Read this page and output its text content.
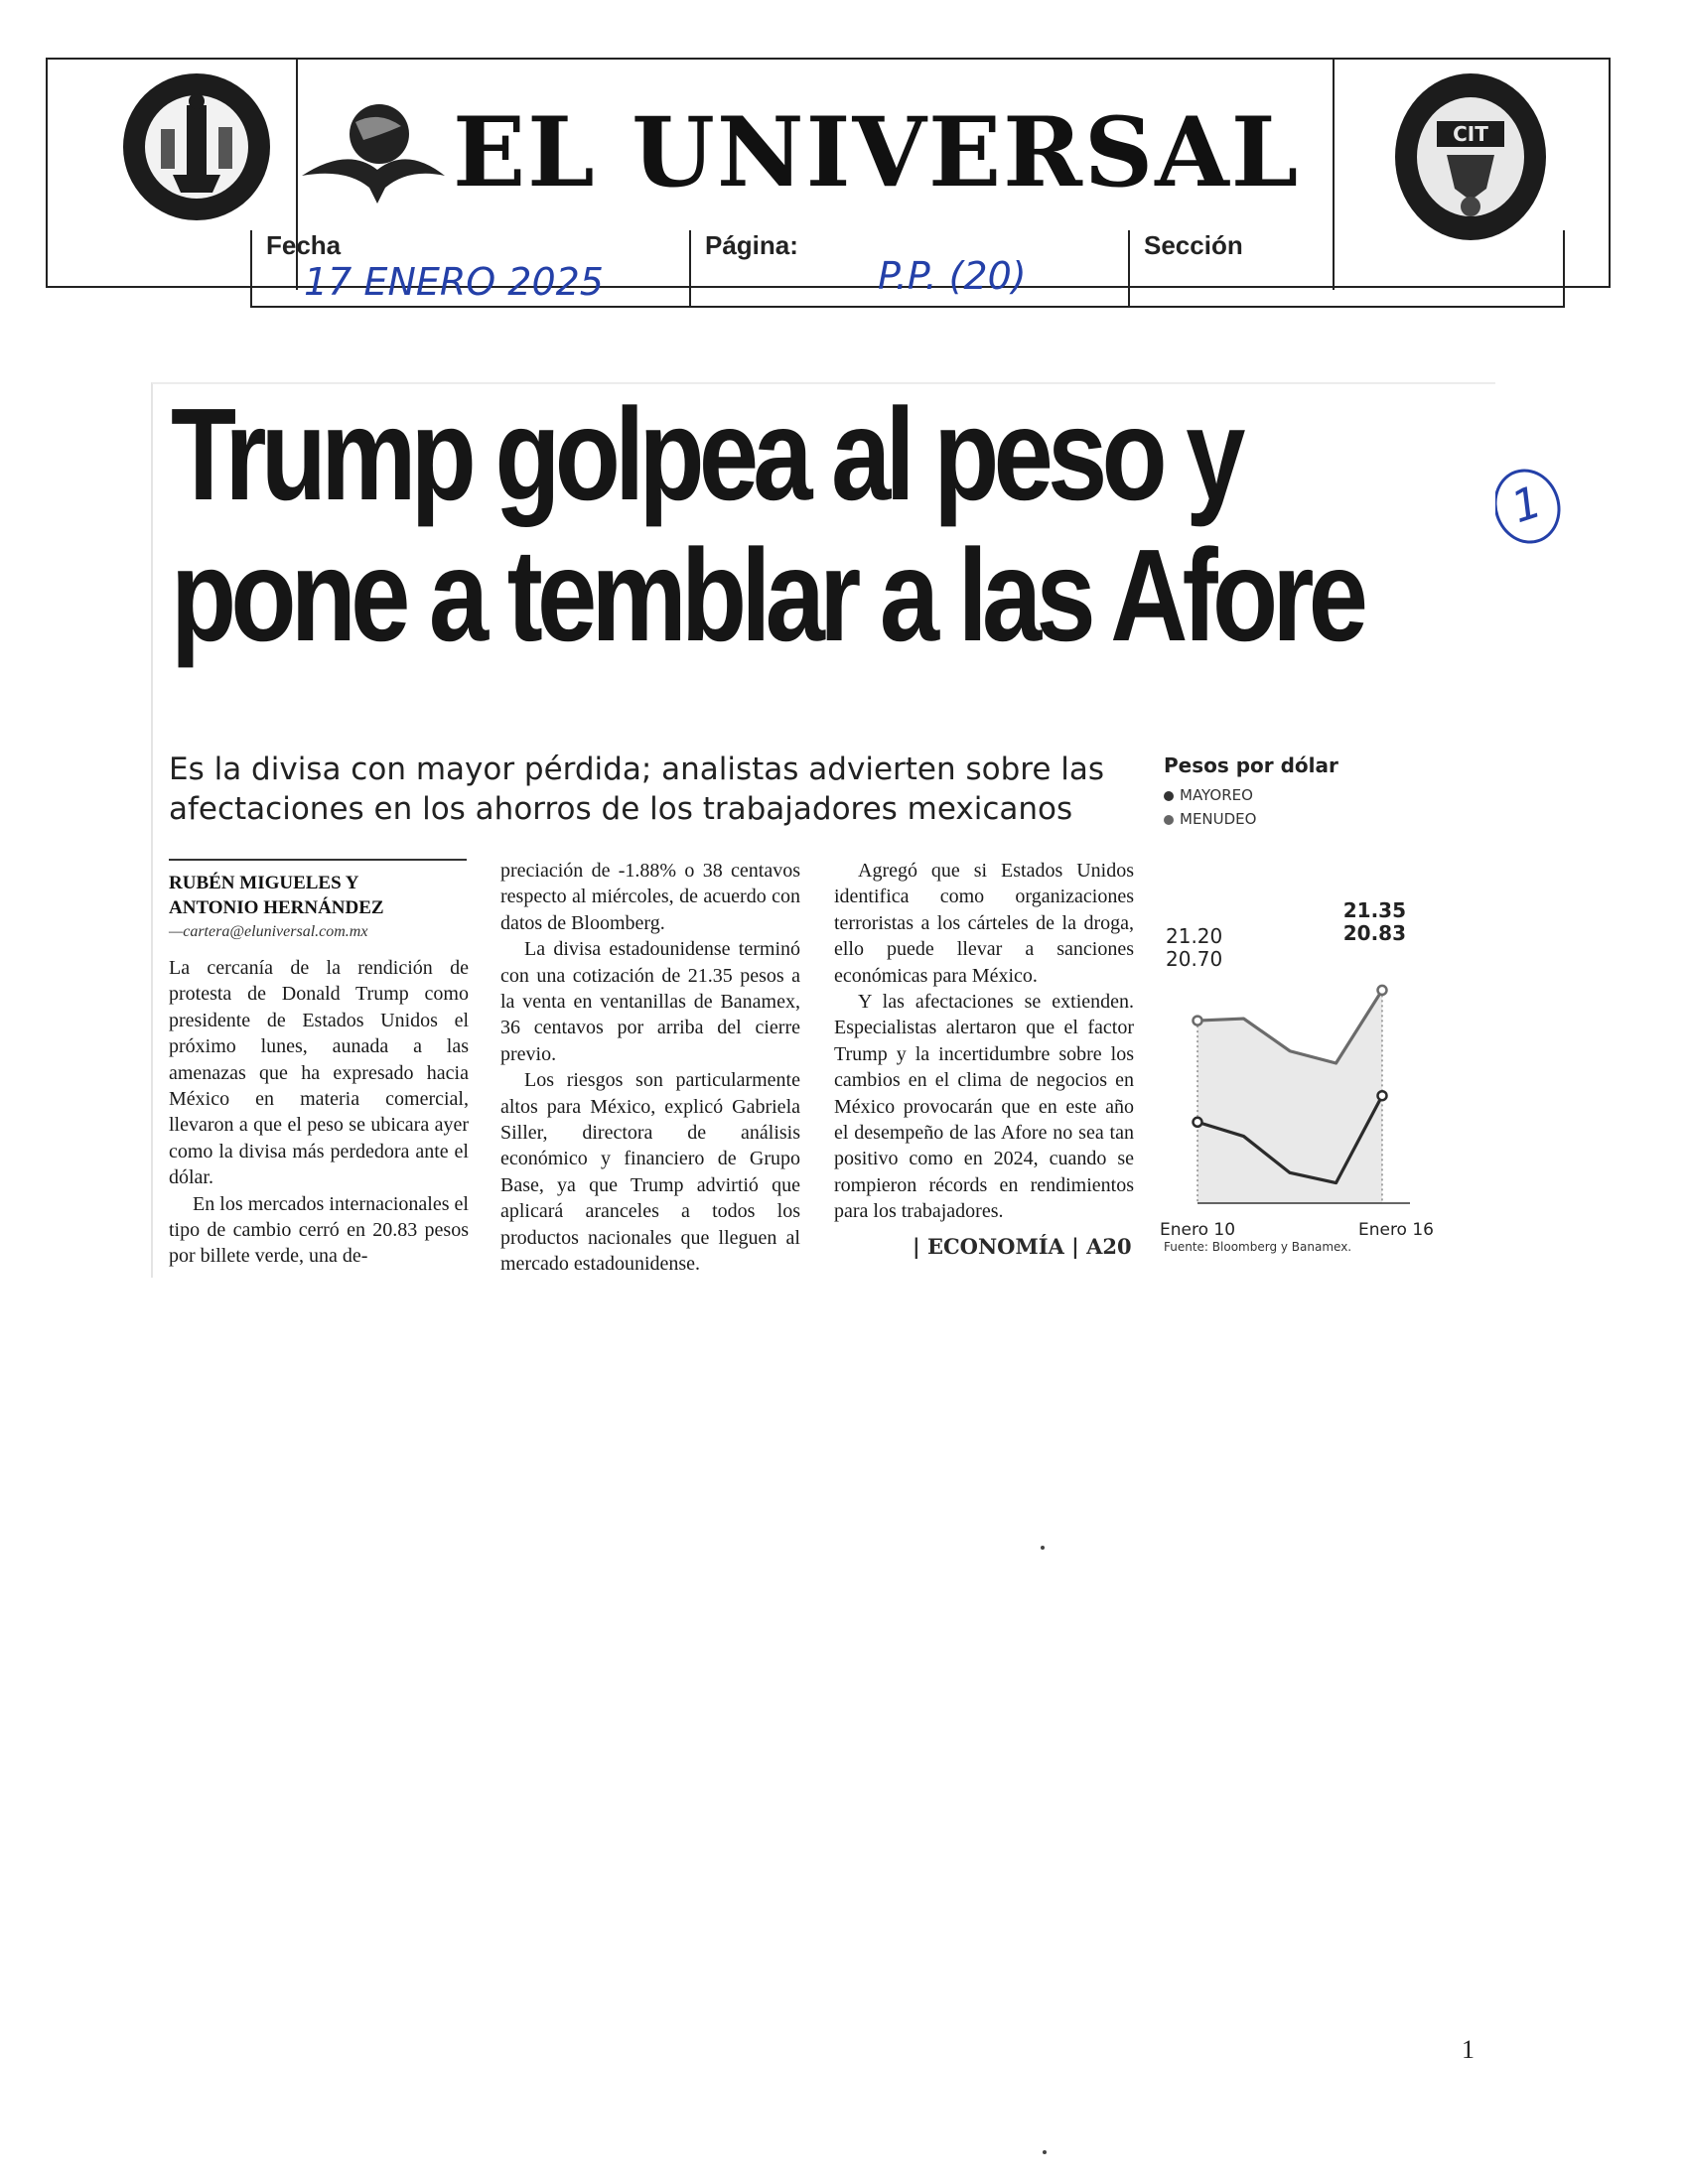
EL UNIVERSAL	CIT
Fecha
17 ENERO 2025
Página:
P.P. (20)
Sección
1
Trump golpea al peso y
pone a temblar a las Afore
Es la divisa con mayor pérdida; analistas advierten sobre las afectaciones en los ahorros de los trabajadores mexicanos
RUBÉN MIGUELES Y
ANTONIO HERNÁNDEZ
—cartera@eluniversal.com.mx

La cercanía de la rendición de protesta de Donald Trump como presidente de Estados Unidos el próximo lunes, aunada a las amenazas que ha expresado hacia México en materia comercial, llevaron a que el peso se ubicara ayer como la divisa más perdedora ante el dólar.

En los mercados internacionales el tipo de cambio cerró en 20.83 pesos por billete verde, una de-

preciación de -1.88% o 38 centavos respecto al miércoles, de acuerdo con datos de Bloomberg.

La divisa estadounidense terminó con una cotización de 21.35 pesos a la venta en ventanillas de Banamex, 36 centavos por arriba del cierre previo.

Los riesgos son particularmente altos para México, explicó Gabriela Siller, directora de análisis económico y financiero de Grupo Base, ya que Trump advirtió que aplicará aranceles a todos los productos nacionales que lleguen al mercado estadounidense.

Agregó que si Estados Unidos identifica como organizaciones terroristas a los cárteles de la droga, ello puede llevar a sanciones económicas para México.

Y las afectaciones se extienden. Especialistas alertaron que el factor Trump y la incertidumbre sobre los cambios en el clima de negocios en México provocarán que en este año el desempeño de las Afore no sea tan positivo como en 2024, cuando se rompieron récords en rendimientos para los trabajadores.

| ECONOMÍA | A20
Pesos por dólar
MAYOREO
MENUDEO
21.20
20.70
21.35
20.83
Enero 10	Enero 16
Fuente: Bloomberg y Banamex.
1
